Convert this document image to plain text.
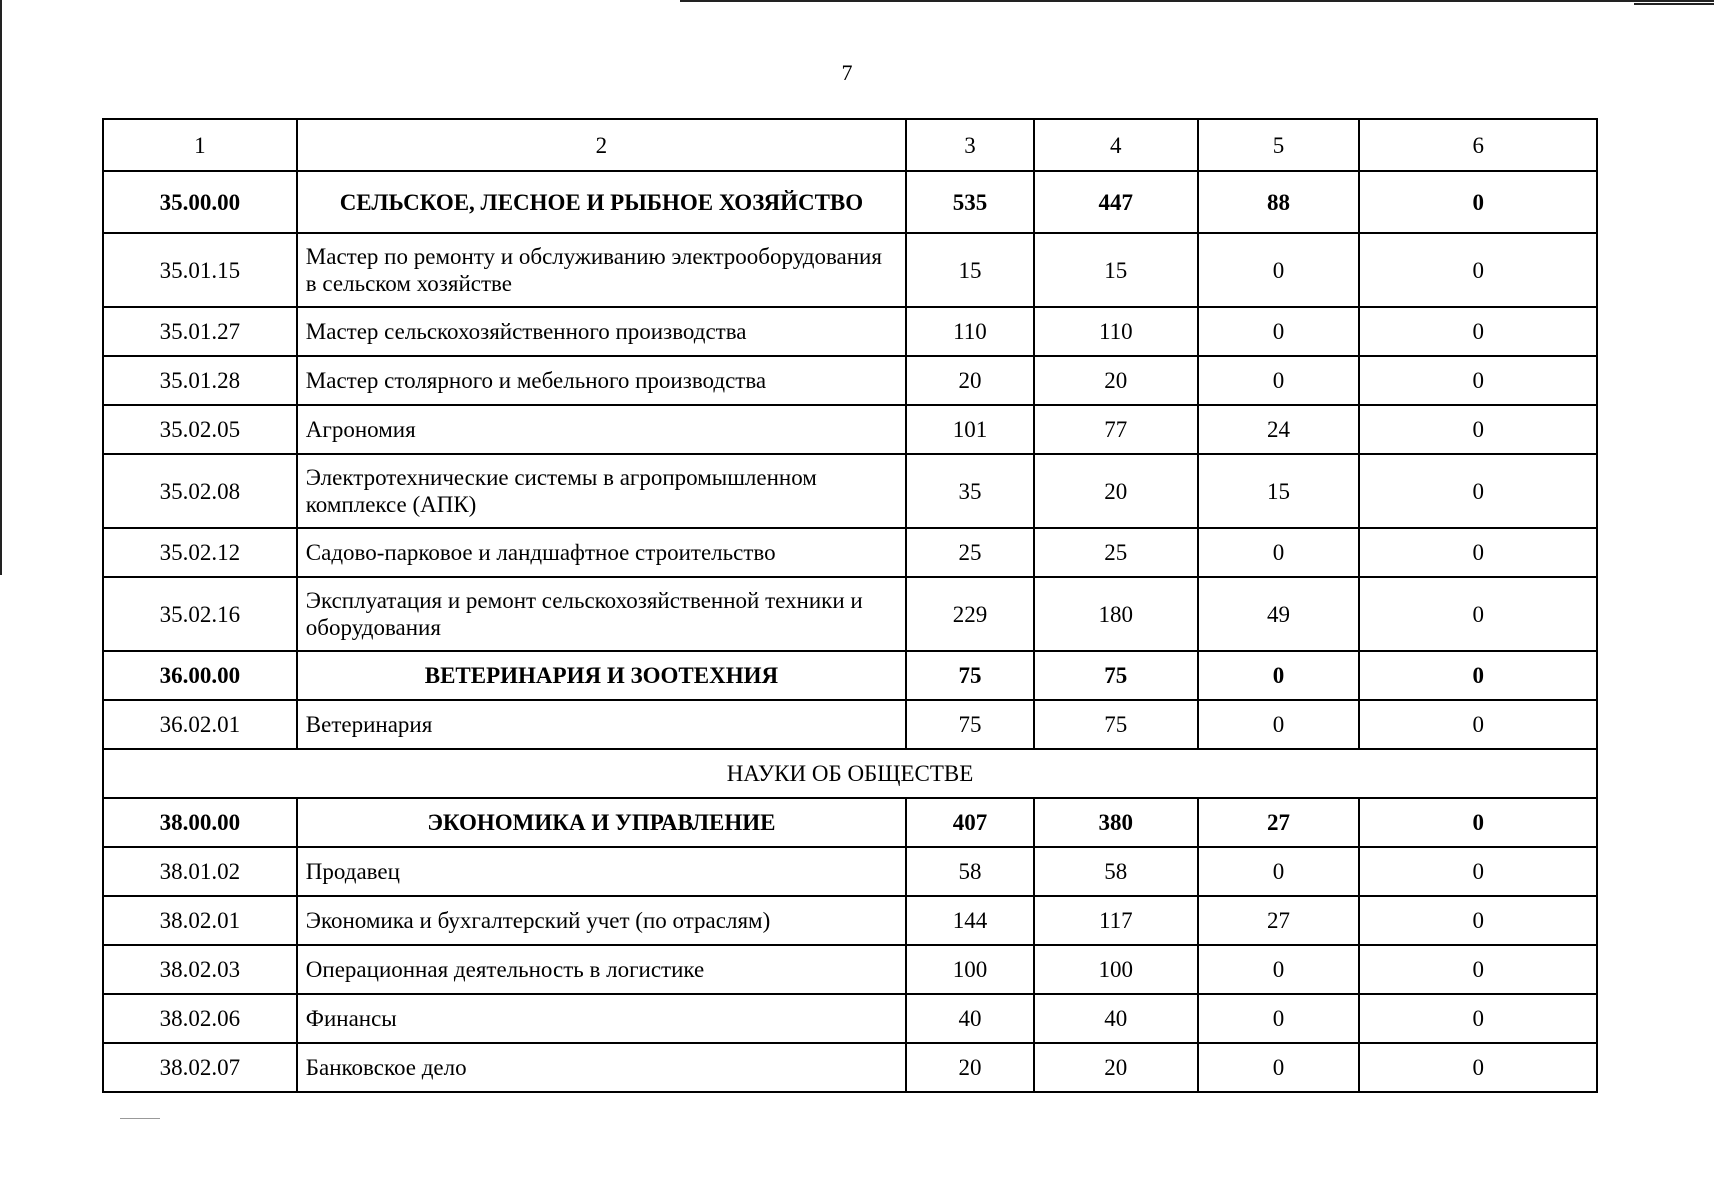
7
1	2	3	4	5	6
35.00.00	СЕЛЬСКОЕ, ЛЕСНОЕ И РЫБНОЕ ХОЗЯЙСТВО	535	447	88	0
35.01.15	Мастер по ремонту и обслуживанию электрооборудования в сельском хозяйстве	15	15	0	0
35.01.27	Мастер сельскохозяйственного производства	110	110	0	0
35.01.28	Мастер столярного и мебельного производства	20	20	0	0
35.02.05	Агрономия	101	77	24	0
35.02.08	Электротехнические системы в агропромышленном комплексе (АПК)	35	20	15	0
35.02.12	Садово-парковое и ландшафтное строительство	25	25	0	0
35.02.16	Эксплуатация и ремонт сельскохозяйственной техники и оборудования	229	180	49	0
36.00.00	ВЕТЕРИНАРИЯ И ЗООТЕХНИЯ	75	75	0	0
36.02.01	Ветеринария	75	75	0	0
НАУКИ ОБ ОБЩЕСТВЕ					
38.00.00	ЭКОНОМИКА И УПРАВЛЕНИЕ	407	380	27	0
38.01.02	Продавец	58	58	0	0
38.02.01	Экономика и бухгалтерский учет (по отраслям)	144	117	27	0
38.02.03	Операционная деятельность в логистике	100	100	0	0
38.02.06	Финансы	40	40	0	0
38.02.07	Банковское дело	20	20	0	0
